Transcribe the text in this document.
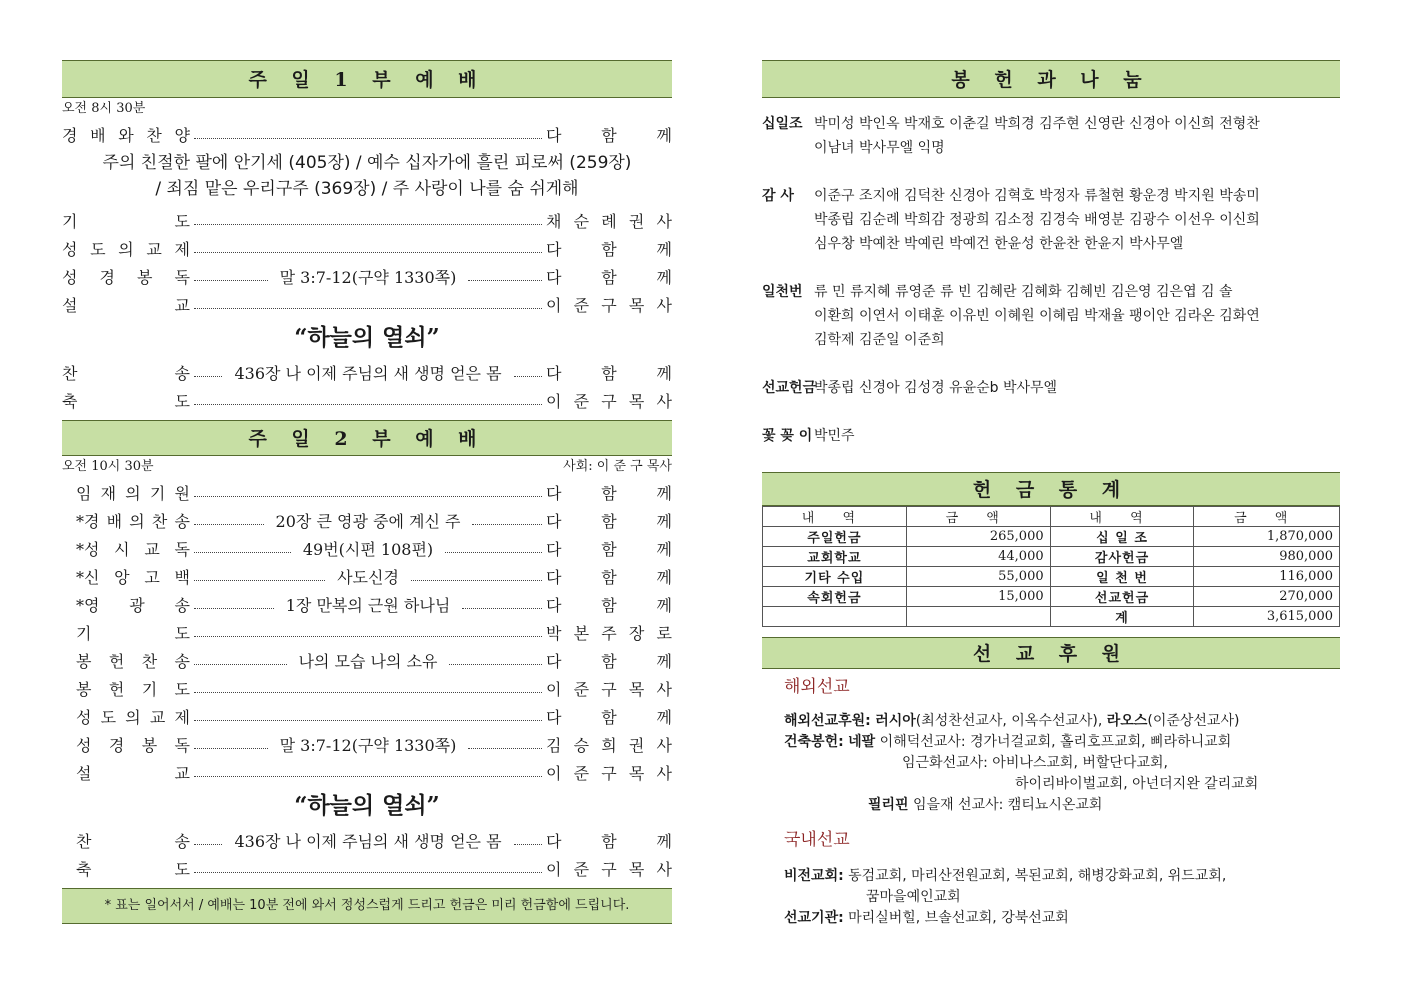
주 일 1 부 예 배
오전 8시 30분
경 배 와 찬 양	다 함 께
주의 친절한 팔에 안기세 (405장) / 예수 십자가에 흘린 피로써 (259장)
/ 죄짐 맡은 우리구주 (369장) / 주 사랑이 나를 숨 쉬게해
기	도	채 순 례 권 사
성 도 의 교 제	다 함 께
성 경 봉 독	말 3:7-12(구약 1330쪽)	다 함 께
설	교	이 준 구 목 사
“하늘의 열쇠”
찬	송	436장 나 이제 주님의 새 생명 얻은 몸	다 함 께
축	도	이 준 구 목 사
주 일 2 부 예 배
오전 10시 30분	사회: 이 준 구 목사
임 재 의 기 원	다 함 께
*경 배 의 찬 송	20장 큰 영광 중에 계신 주	다 함 께
*성 시 교 독	49번(시편 108편)	다 함 께
*신 앙 고 백	사도신경	다 함 께
*영 광 송	1장 만복의 근원 하나님	다 함 께
기	도	박 본 주 장 로
봉 헌 찬 송	나의 모습 나의 소유	다 함 께
봉 헌 기 도	이 준 구 목 사
성 도 의 교 제	다 함 께
성 경 봉 독	말 3:7-12(구약 1330쪽)	김 승 희 권 사
설	교	이 준 구 목 사
“하늘의 열쇠”
찬	송	436장 나 이제 주님의 새 생명 얻은 몸	다 함 께
축	도	이 준 구 목 사
* 표는 일어서서 / 예배는 10분 전에 와서 정성스럽게 드리고 헌금은 미리 헌금함에 드립니다.
봉 헌 과 나 눔
십일조 박미성 박인옥 박재호 이춘길 박희경 김주현 신영란 신경아 이신희 전형찬
이남녀 박사무엘 익명
감 사 이준구 조지애 김덕찬 신경아 김혁호 박정자 류철현 황운경 박지원 박송미
박종립 김순례 박희감 정광희 김소정 김경숙 배영분 김광수 이선우 이신희
심우창 박예찬 박예린 박예건 한윤성 한윤찬 한윤지 박사무엘
일천번 류 민 류지혜 류영준 류 빈 김혜란 김혜화 김혜빈 김은영 김은엽 김 솔
이환희 이연서 이태훈 이유빈 이혜원 이혜림 박재율 팽이안 김라온 김화연
김학제 김준일 이준희
선교헌금
박종립 신경아 김성경 유윤순b 박사무엘
꽃 꽂 이 박민주
헌 금 통 계
내 역	금 액	내 역	금 액
주일헌금	265,000	십 일 조	1,870,000
교회학교	44,000	감사헌금	980,000
기타 수입	55,000	일 천 번	116,000
속회헌금	15,000	선교헌금	270,000
		계	3,615,000
선 교 후 원
해외선교
해외선교후원: 러시아(최성찬선교사, 이옥수선교사), 라오스(이준상선교사)
건축봉헌: 네팔 이해덕선교사: 경가너걸교회, 홀리호프교회, 삐라하니교회
임근화선교사: 아비나스교회, 버할단다교회,
하이리바이벌교회, 아넌더지완 갈리교회
필리핀 임을재 선교사: 캠티뇨시온교회
국내선교
비전교회: 동검교회, 마리산전원교회, 복된교회, 해병강화교회, 위드교회,
꿈마을예인교회
선교기관: 마리실버힐, 브솔선교회, 강북선교회
